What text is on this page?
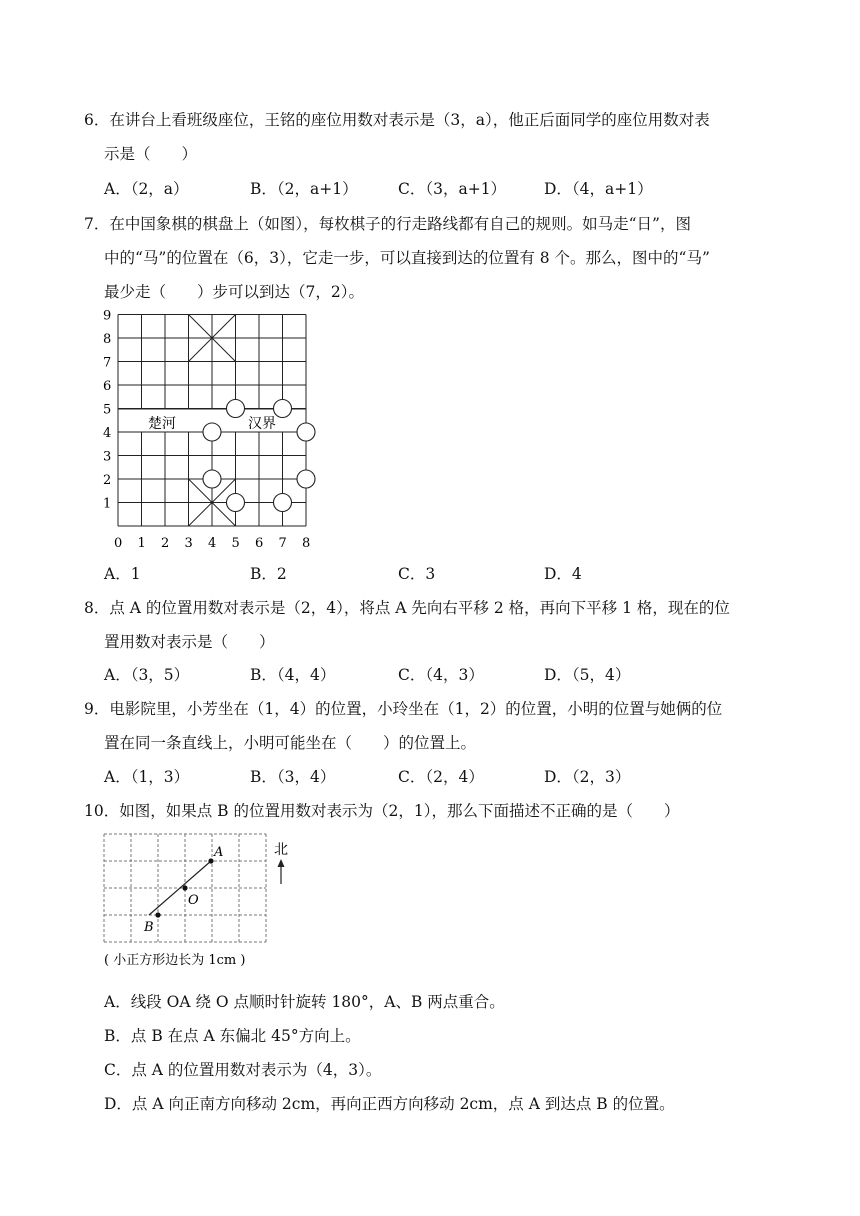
6．在讲台上看班级座位，王铭的座位用数对表示是（3，a），他正后面同学的座位用数对表
示是（　　）
A．（2，a）	B．（2，a+1）	C．（3，a+1） D．（4，a+1）
7．在中国象棋的棋盘上（如图），每枚棋子的行走路线都有自己的规则。如马走“日”，图
中的“马”的位置在（6，3），它走一步，可以直接到达的位置有 8 个。那么，图中的“马”
最少走（　　）步可以到达（7，2）。
楚河	汉界
1
2
3
4
5
6
7
8
9
0 1 2 3 4 5 6 7 8
A．1	B．2	C．3	D．4
8．点 A 的位置用数对表示是（2，4），将点 A 先向右平移 2 格，再向下平移 1 格，现在的位
置用数对表示是（　　）
A．（3，5）	B．（4，4）	C．（4，3）	D．（5，4）
9．电影院里，小芳坐在（1，4）的位置，小玲坐在（1，2）的位置，小明的位置与她俩的位
置在同一条直线上，小明可能坐在（　　）的位置上。
A．（1，3）	B．（3，4）	C．（2，4）	D．（2，3）
10．如图，如果点 B 的位置用数对表示为（2，1），那么下面描述不正确的是（　　）
A
O
B
北
( 小正方形边长为 1cm )
A．线段 OA 绕 O 点顺时针旋转 180°，A、B 两点重合。
B．点 B 在点 A 东偏北 45°方向上。
C．点 A 的位置用数对表示为（4，3）。
D．点 A 向正南方向移动 2cm，再向正西方向移动 2cm，点 A 到达点 B 的位置。
